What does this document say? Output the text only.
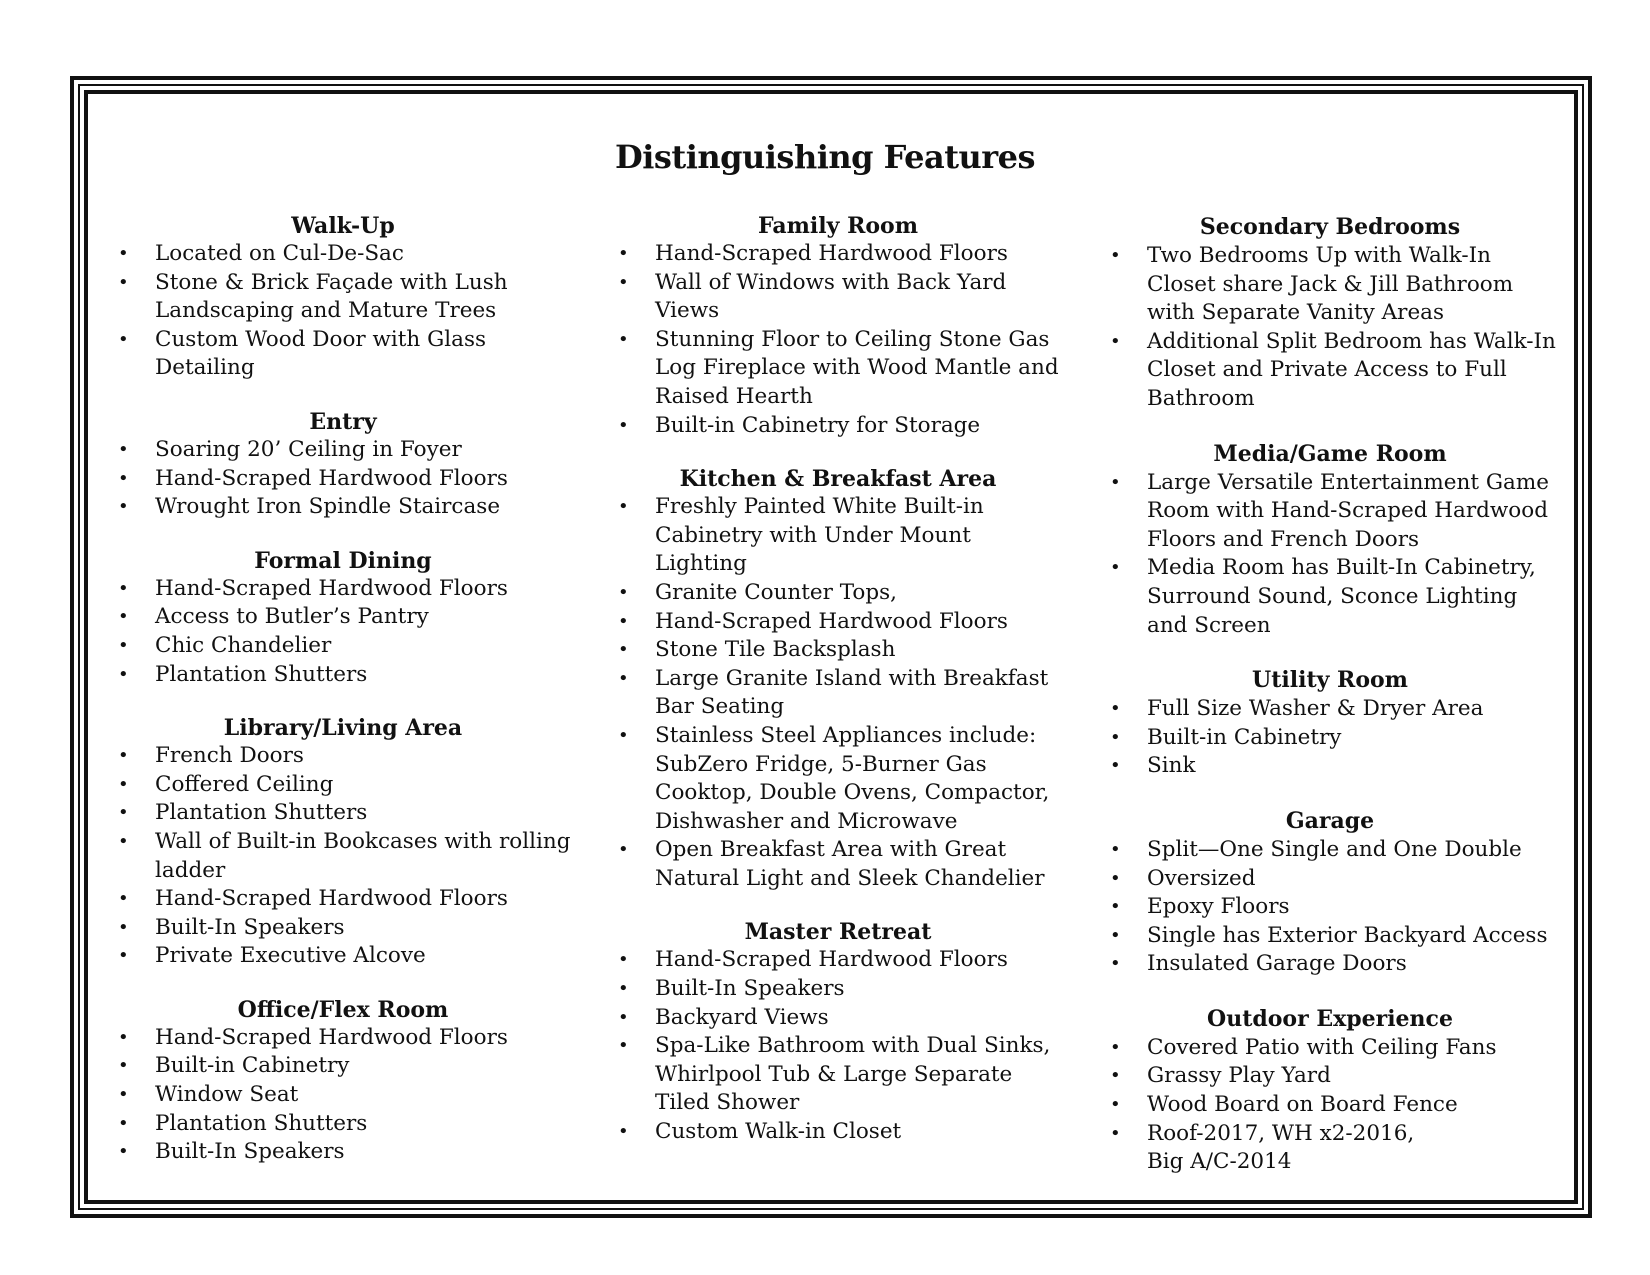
Distinguishing Features
Walk-Up
• Located on Cul-De-Sac
• Stone & Brick Façade with Lush Landscaping and Mature Trees
• Custom Wood Door with Glass Detailing
Entry
• Soaring 20’ Ceiling in Foyer
• Hand-Scraped Hardwood Floors
• Wrought Iron Spindle Staircase
Formal Dining
• Hand-Scraped Hardwood Floors
• Access to Butler’s Pantry
• Chic Chandelier
• Plantation Shutters
Library/Living Area
• French Doors
• Coffered Ceiling
• Plantation Shutters
• Wall of Built-in Bookcases with rolling ladder
• Hand-Scraped Hardwood Floors
• Built-In Speakers
• Private Executive Alcove
Office/Flex Room
• Hand-Scraped Hardwood Floors
• Built-in Cabinetry
• Window Seat
• Plantation Shutters
• Built-In Speakers
Family Room
• Hand-Scraped Hardwood Floors
• Wall of Windows with Back Yard Views
• Stunning Floor to Ceiling Stone Gas Log Fireplace with Wood Mantle and Raised Hearth
• Built-in Cabinetry for Storage
Kitchen & Breakfast Area
• Freshly Painted White Built-in Cabinetry with Under Mount Lighting
• Granite Counter Tops,
• Hand-Scraped Hardwood Floors
• Stone Tile Backsplash
• Large Granite Island with Breakfast Bar Seating
• Stainless Steel Appliances include: SubZero Fridge, 5-Burner Gas Cooktop, Double Ovens, Compactor, Dishwasher and Microwave
• Open Breakfast Area with Great Natural Light and Sleek Chandelier
Master Retreat
• Hand-Scraped Hardwood Floors
• Built-In Speakers
• Backyard Views
• Spa-Like Bathroom with Dual Sinks, Whirlpool Tub & Large Separate Tiled Shower
• Custom Walk-in Closet
Secondary Bedrooms
• Two Bedrooms Up with Walk-In Closet share Jack & Jill Bathroom with Separate Vanity Areas
• Additional Split Bedroom has Walk-In Closet and Private Access to Full Bathroom
Media/Game Room
• Large Versatile Entertainment Game Room with Hand-Scraped Hardwood Floors and French Doors
• Media Room has Built-In Cabinetry, Surround Sound, Sconce Lighting and Screen
Utility Room
• Full Size Washer & Dryer Area
• Built-in Cabinetry
• Sink
Garage
• Split—One Single and One Double
• Oversized
• Epoxy Floors
• Single has Exterior Backyard Access
• Insulated Garage Doors
Outdoor Experience
• Covered Patio with Ceiling Fans
• Grassy Play Yard
• Wood Board on Board Fence
• Roof-2017, WH x2-2016,
Big A/C-2014
